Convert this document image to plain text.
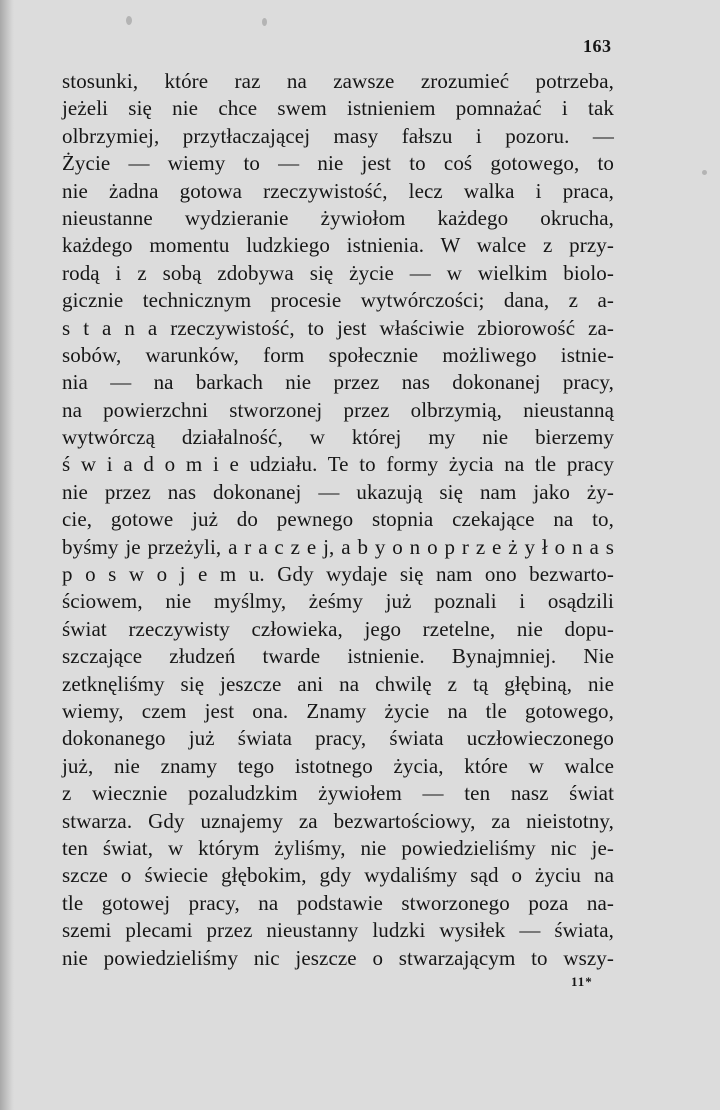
163
stosunki, które raz na zawsze zrozumieć potrzeba,
jeżeli się nie chce swem istnieniem pomnażać i tak
olbrzymiej, przytłaczającej masy fałszu i pozoru. —
Życie — wiemy to — nie jest to coś gotowego, to
nie żadna gotowa rzeczywistość, lecz walka i praca,
nieustanne wydzieranie żywiołom każdego okrucha,
każdego momentu ludzkiego istnienia. W walce z przy-
rodą i z sobą zdobywa się życie — w wielkim biolo-
gicznie technicznym procesie wytwórczości; dana, z a-
s t a n a rzeczywistość, to jest właściwie zbiorowość za-
sobów, warunków, form społecznie możliwego istnie-
nia — na barkach nie przez nas dokonanej pracy,
na powierzchni stworzonej przez olbrzymią, nieustanną
wytwórczą działalność, w której my nie bierzemy
ś w i a d o m i e udziału. Te to formy życia na tle pracy
nie przez nas dokonanej — ukazują się nam jako ży-
cie, gotowe już do pewnego stopnia czekające na to,
byśmy je przeżyli, a r a c z e j, a b y o n o p r z e ż y ł o n a s
p o s w o j e m u. Gdy wydaje się nam ono bezwarto-
ściowem, nie myślmy, żeśmy już poznali i osądzili
świat rzeczywisty człowieka, jego rzetelne, nie dopu-
szczające złudzeń twarde istnienie. Bynajmniej. Nie
zetknęliśmy się jeszcze ani na chwilę z tą głębiną, nie
wiemy, czem jest ona. Znamy życie na tle gotowego,
dokonanego już świata pracy, świata uczłowieczonego
już, nie znamy tego istotnego życia, które w walce
z wiecznie pozaludzkim żywiołem — ten nasz świat
stwarza. Gdy uznajemy za bezwartościowy, za nieistotny,
ten świat, w którym żyliśmy, nie powiedzieliśmy nic je-
szcze o świecie głębokim, gdy wydaliśmy sąd o życiu na
tle gotowej pracy, na podstawie stworzonego poza na-
szemi plecami przez nieustanny ludzki wysiłek — świata,
nie powiedzieliśmy nic jeszcze o stwarzającym to wszy-
11*
